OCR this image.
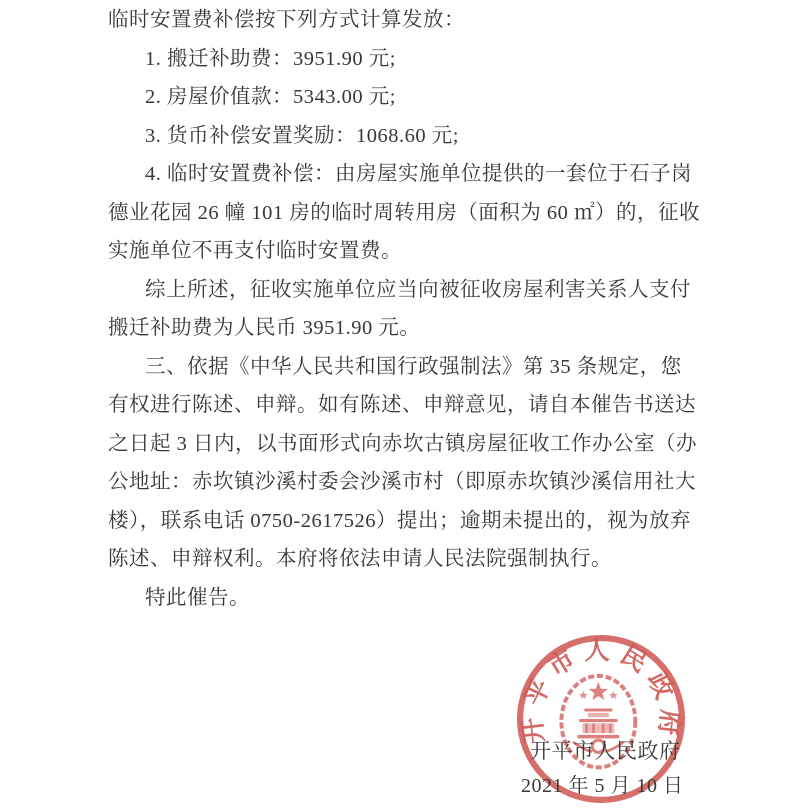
临时安置费补偿按下列方式计算发放：
1. 搬迁补助费：3951.90 元;
2. 房屋价值款：5343.00 元;
3. 货币补偿安置奖励：1068.60 元;
4. 临时安置费补偿：由房屋实施单位提供的一套位于石子岗
德业花园 26 幢 101 房的临时周转用房（面积为 60 ㎡）的，征收
实施单位不再支付临时安置费。
综上所述，征收实施单位应当向被征收房屋利害关系人支付
搬迁补助费为人民币 3951.90 元。
三、依据《中华人民共和国行政强制法》第 35 条规定，您
有权进行陈述、申辩。如有陈述、申辩意见，请自本催告书送达
之日起 3 日内，以书面形式向赤坎古镇房屋征收工作办公室（办
公地址：赤坎镇沙溪村委会沙溪市村（即原赤坎镇沙溪信用社大
楼），联系电话 0750-2617526）提出；逾期未提出的，视为放弃
陈述、申辩权利。本府将依法申请人民法院强制执行。
特此催告。
开平市人民政府
开平市人民政府
2021 年 5 月 10 日
